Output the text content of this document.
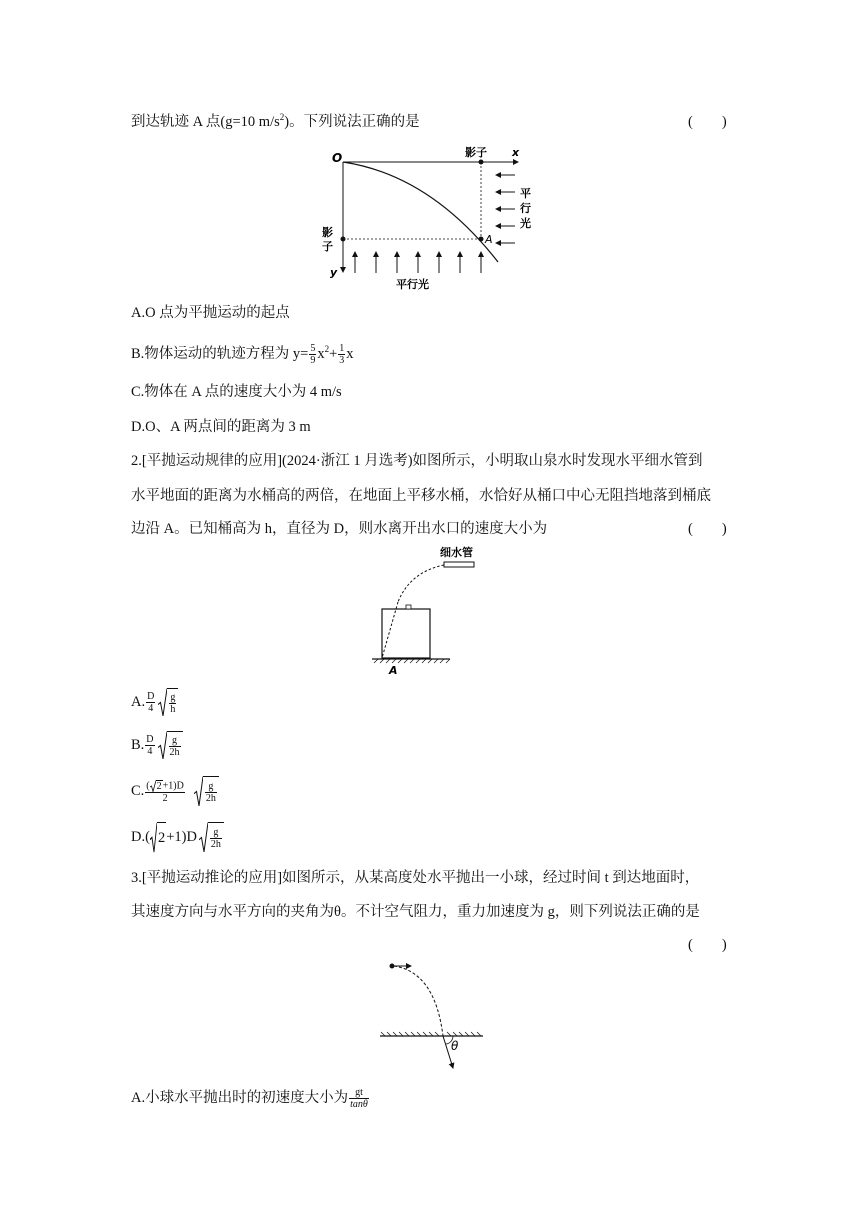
到达轨迹 A 点(g=10 $m/s^2$)。下列说法正确的是	(        )
O	x
y
A
影子
影
子
平
行
光
平行光
A.O 点为平抛运动的起点
B.物体运动的轨迹方程为 $y= \frac{5}{9} x^2+ \frac{1}{3}$ x
C.物体在 A 点的速度大小为 4 m/s
D.O、A 两点间的距离为 3 m
2.[平抛运动规律的应用](2024·浙江 1 月选考)如图所示，小明取山泉水时发现水平细水管到
水平地面的距离为水桶高的两倍，在地面上平移水桶，水恰好从桶口中心无阻挡地落到桶底
边沿 A。已知桶高为 h，直径为 D，则水离开出水口的速度大小为	(        )
细水管
A
A. $\frac{D}{4} \frac{g}{h}$
B. $\frac{D}{4} \frac{g}{2h}$
C. $\frac{( 2+1)D}{2} \frac{g}{2h}$
D.( $2+1)D \frac{g}{2h}$
3.[平抛运动推论的应用]如图所示，从某高度处水平抛出一小球，经过时间 t 到达地面时，
其速度方向与水平方向的夹角为θ。不计空气阻力，重力加速度为 g，则下列说法正确的是
(        )
θ
A.小球水平抛出时的初速度大小为 $\frac{gt}{\tan\theta}$
